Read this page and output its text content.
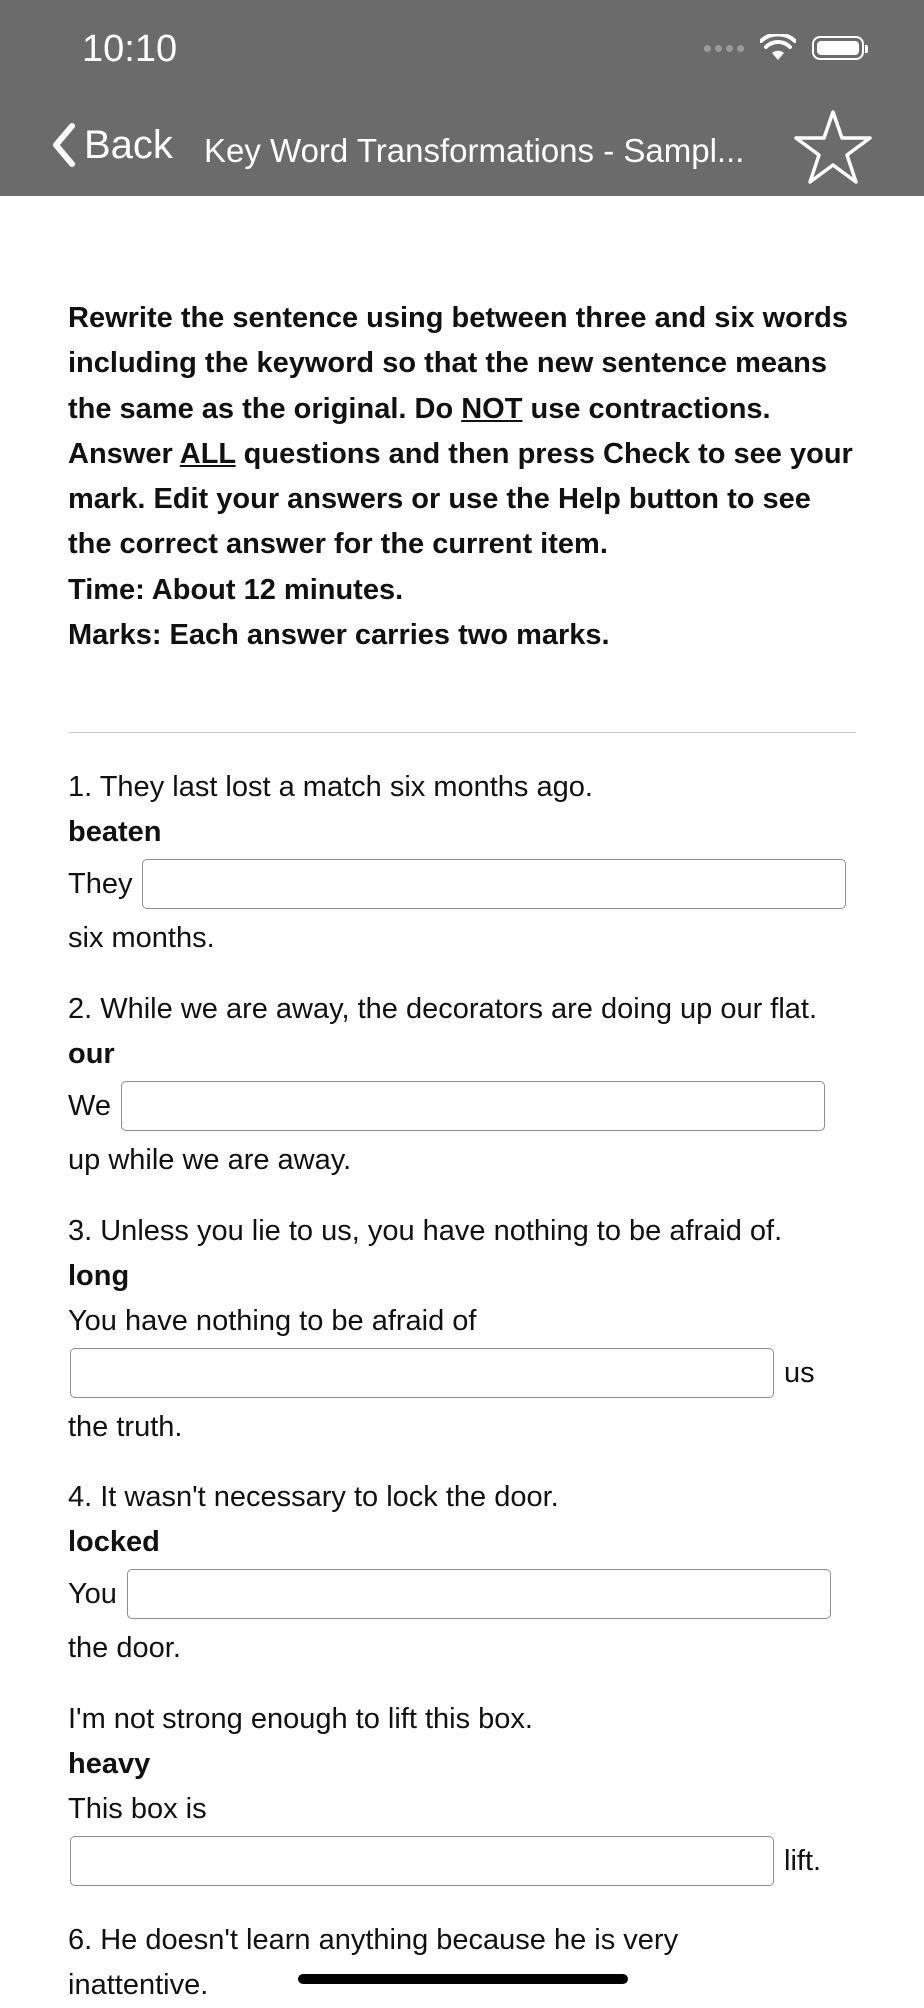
10:10
Back Key Word Transformations - Sampl...
Rewrite the sentence using between three and six words including the keyword so that the new sentence means the same as the original. Do NOT use contractions.
Answer ALL questions and then press Check to see your mark. Edit your answers or use the Help button to see the correct answer for the current item.
Time: About 12 minutes.
Marks: Each answer carries two marks.
1. They last lost a match six months ago.
beaten
They
six months.
2. While we are away, the decorators are doing up our flat.
our
We
up while we are away.
3. Unless you lie to us, you have nothing to be afraid of.
long
You have nothing to be afraid of
us
the truth.
4. It wasn't necessary to lock the door.
locked
You
the door.
I'm not strong enough to lift this box.
heavy
This box is
lift.
6. He doesn't learn anything because he is very inattentive.
